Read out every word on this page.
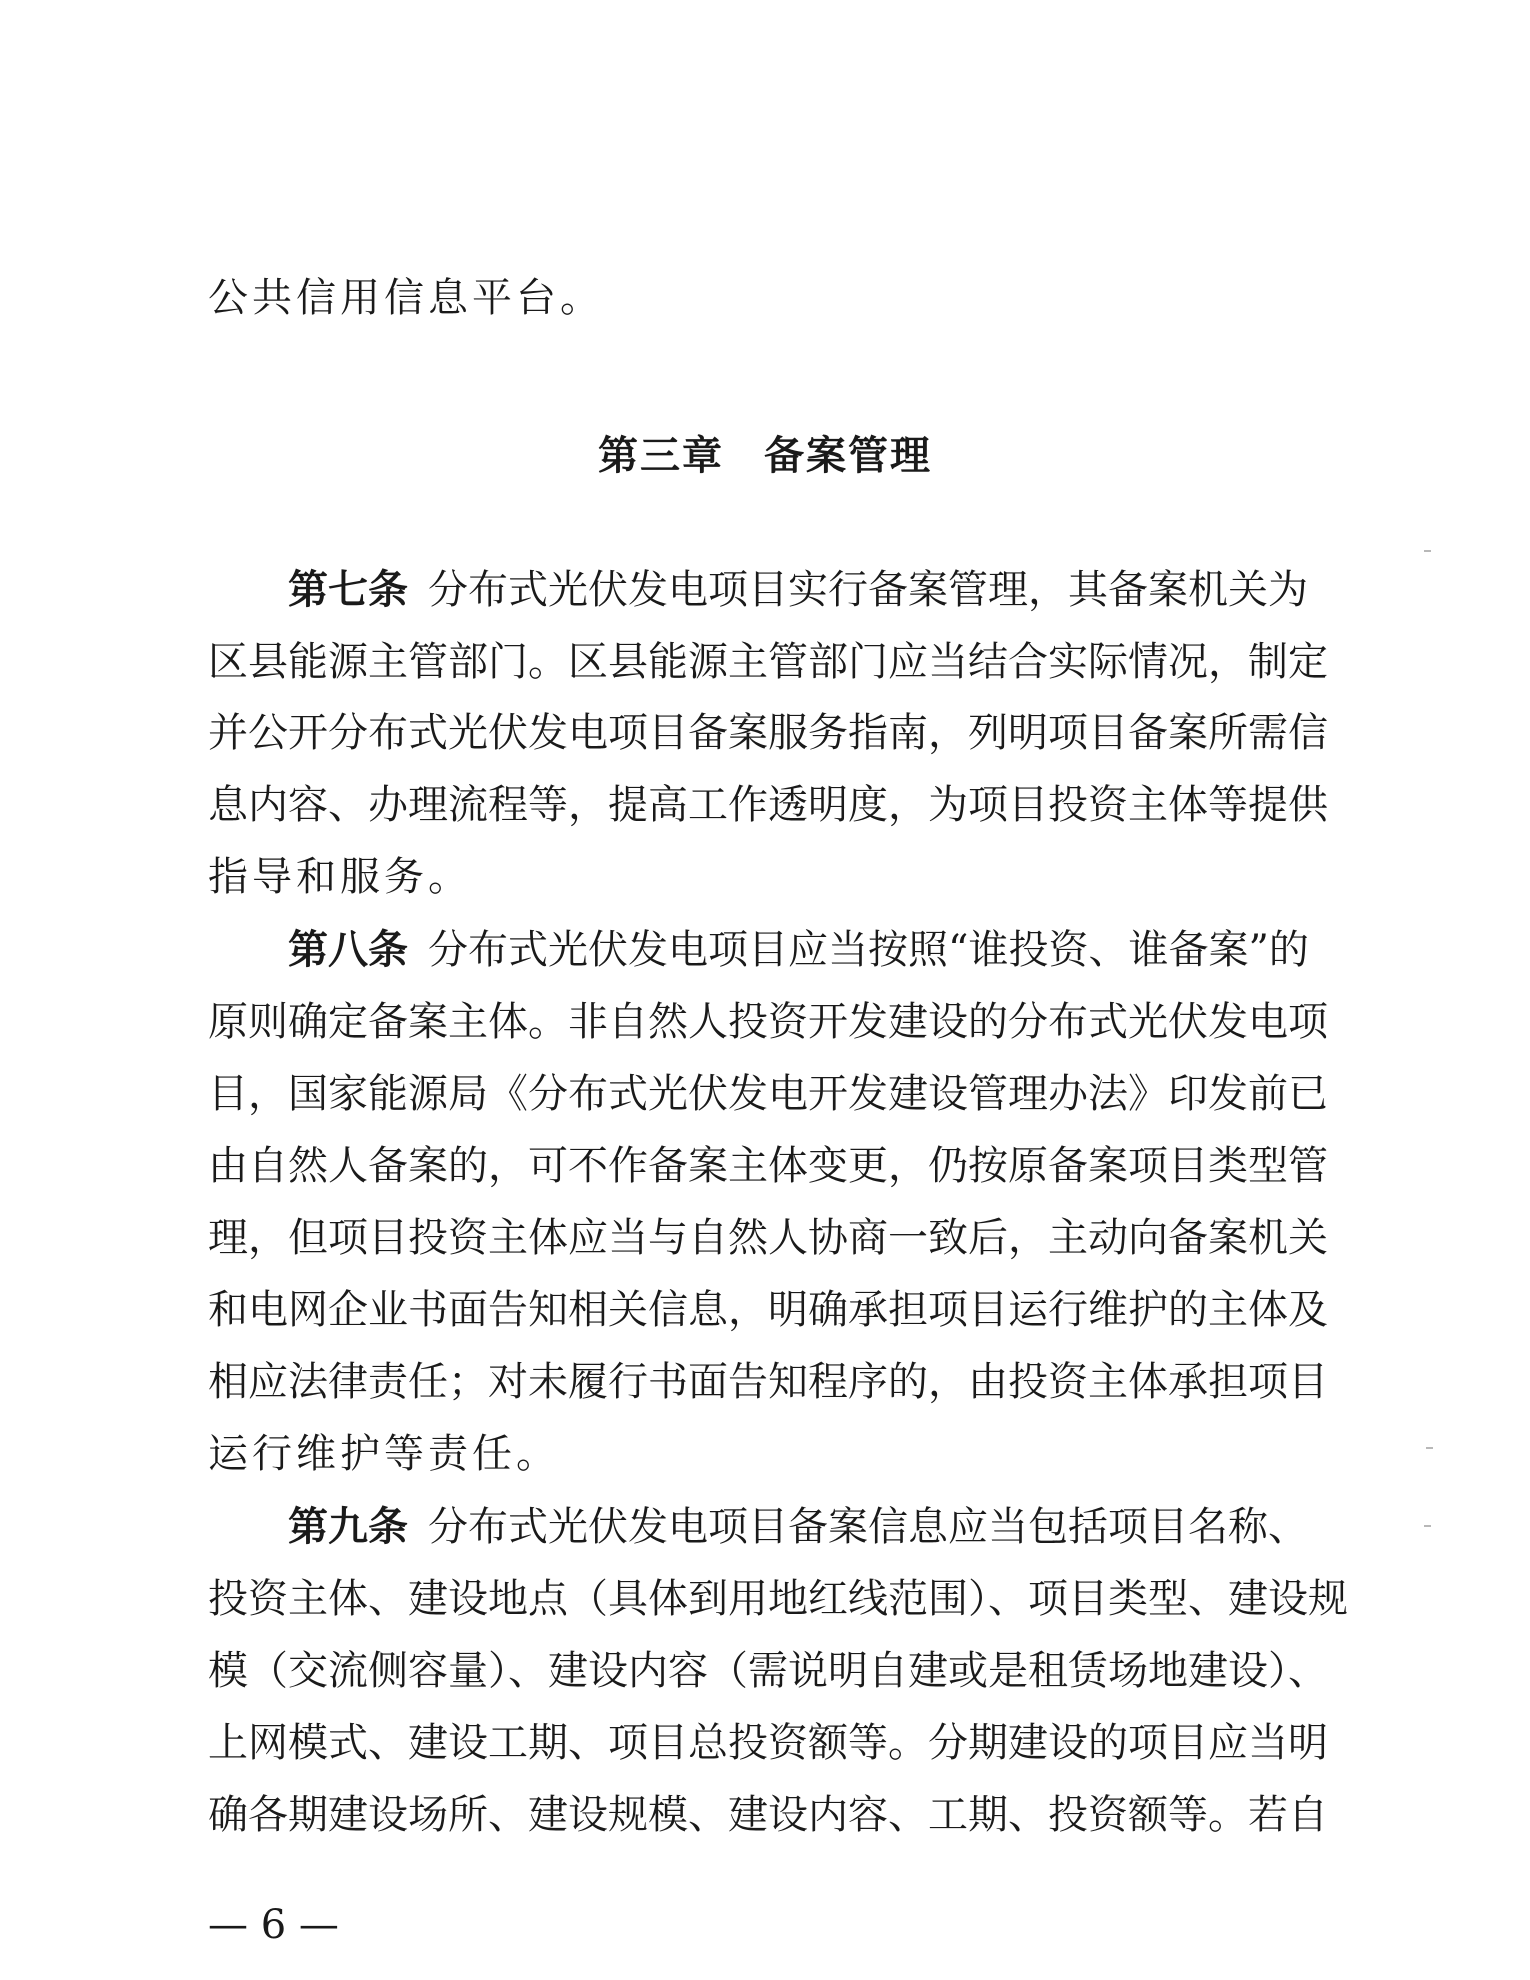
公共信用信息平台。
第三章 备案管理
第七条 分布式光伏发电项目实行备案管理，其备案机关为
区县能源主管部门。区县能源主管部门应当结合实际情况，制定
并公开分布式光伏发电项目备案服务指南，列明项目备案所需信
息内容、办理流程等，提高工作透明度，为项目投资主体等提供
指导和服务。
第八条 分布式光伏发电项目应当按照“谁投资、谁备案”的
原则确定备案主体。非自然人投资开发建设的分布式光伏发电项
目，国家能源局《分布式光伏发电开发建设管理办法》印发前已
由自然人备案的，可不作备案主体变更，仍按原备案项目类型管
理，但项目投资主体应当与自然人协商一致后，主动向备案机关
和电网企业书面告知相关信息，明确承担项目运行维护的主体及
相应法律责任；对未履行书面告知程序的，由投资主体承担项目
运行维护等责任。
第九条 分布式光伏发电项目备案信息应当包括项目名称、
投资主体、建设地点（具体到用地红线范围）、项目类型、建设规
模（交流侧容量）、建设内容（需说明自建或是租赁场地建设）、
上网模式、建设工期、项目总投资额等。分期建设的项目应当明
确各期建设场所、建设规模、建设内容、工期、投资额等。若自
— 6 —
